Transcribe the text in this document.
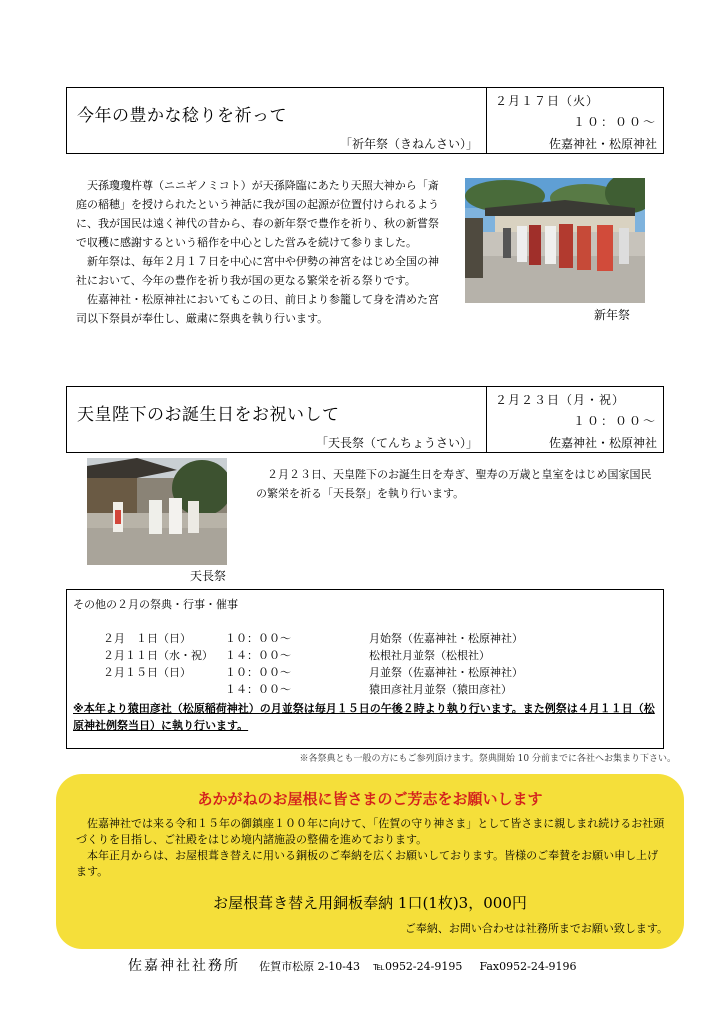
今年の豊かな稔りを祈って
「祈年祭（きねんさい）」
２月１７日（火）
１０：００～
佐嘉神社・松原神社

天孫瓊瓊杵尊（ニニギノミコト）が天孫降臨にあたり天照大神から「斎庭の稲穂」を授けられたという神話に我が国の起源が位置付けられるように、我が国民は遠く神代の昔から、春の新年祭で豊作を祈り、秋の新嘗祭で収穫に感謝するという稲作を中心とした営みを続けて参りました。

新年祭は、毎年２月１７日を中心に宮中や伊勢の神宮をはじめ全国の神社において、今年の豊作を祈り我が国の更なる繁栄を祈る祭りです。

佐嘉神社・松原神社においてもこの日、前日より参籠して身を清めた宮司以下祭員が奉仕し、厳粛に祭典を執り行います。	新年祭
天皇陛下のお誕生日をお祝いして
「天長祭（てんちょうさい）」
２月２３日（月・祝）
１０：００～
佐嘉神社・松原神社
天長祭

２月２３日、天皇陛下のお誕生日を寿ぎ、聖寿の万歳と皇室をはじめ国家国民の繁栄を祈る「天長祭」を執り行います。

その他の２月の祭典・行事・催事
２月　１日（日）	１０：００～	月始祭（佐嘉神社・松原神社）
２月１１日（水・祝） １４：００～	松根社月並祭（松根社）
２月１５日（日）	１０：００～	月並祭（佐嘉神社・松原神社）
１４：００～	猿田彦社月並祭（猿田彦社）
※本年より猿田彦社（松原稲荷神社）の月並祭は毎月１５日の午後２時より執り行います。また例祭は４月１１日（松原神社例祭当日）に執り行います。
※各祭典とも一般の方にもご参列頂けます。祭典開始 10 分前までに各社へお集まり下さい。
あかがねのお屋根に皆さまのご芳志をお願いします

佐嘉神社では来る令和１５年の御鎮座１００年に向けて、「佐賀の守り神さま」として皆さまに親しまれ続けるお社頭づくりを目指し、ご社殿をはじめ境内諸施設の整備を進めております。

本年正月からは、お屋根葺き替えに用いる銅板のご奉納を広くお願いしております。皆様のご奉賛をお願い申し上げます。

お屋根葺き替え用銅板奉納 1口(1枚)3，000円
ご奉納、お問い合わせは社務所までお願い致します。
佐嘉神社社務所 佐賀市松原 2-10-43 ℡0952-24-9195 Fax0952-24-9196
